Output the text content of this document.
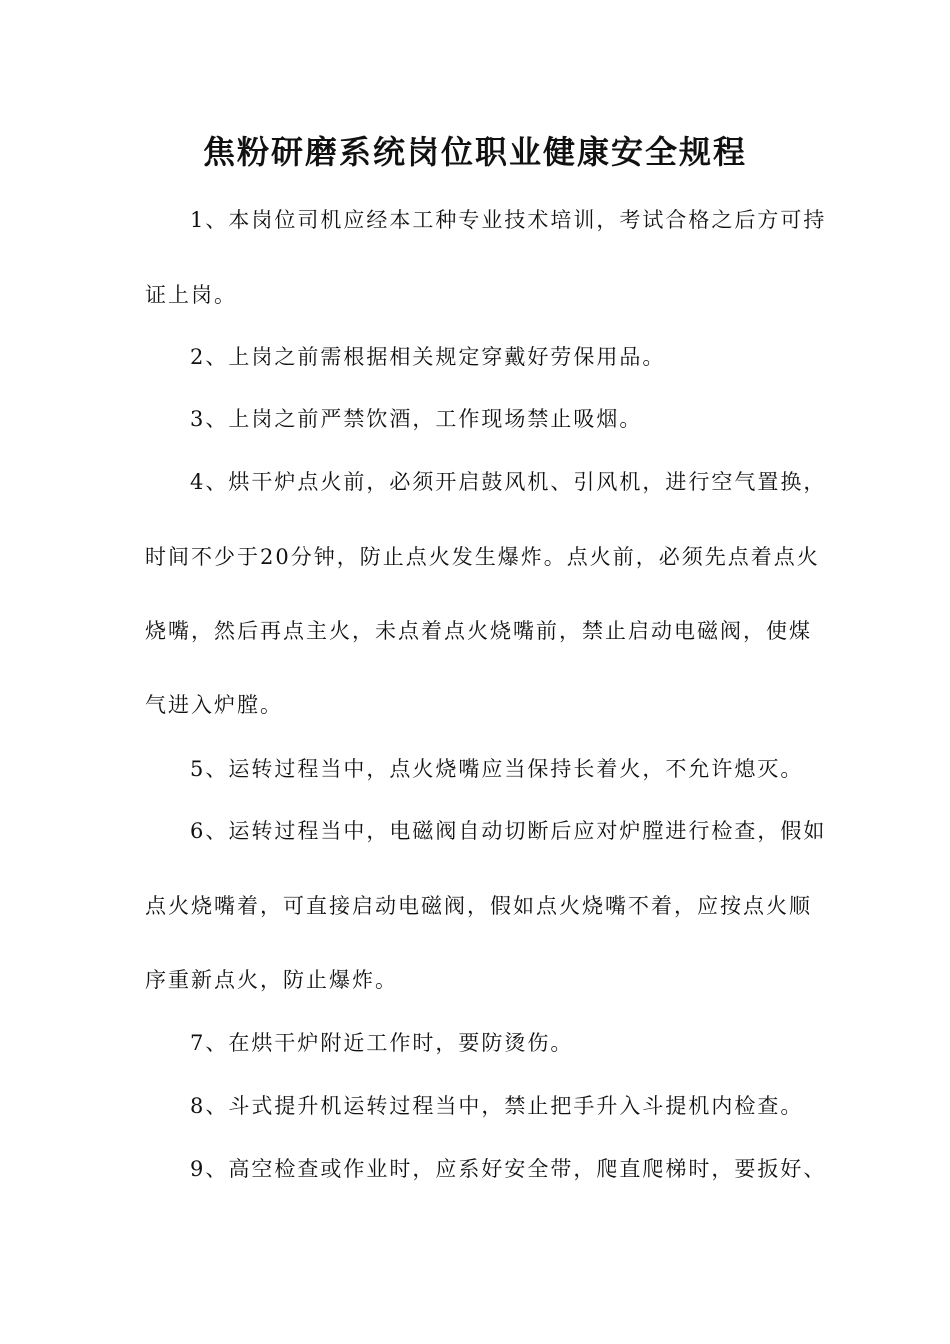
焦粉研磨系统岗位职业健康安全规程
1、本岗位司机应经本工种专业技术培训，考试合格之后方可持
证上岗。
2、上岗之前需根据相关规定穿戴好劳保用品。
3、上岗之前严禁饮酒，工作现场禁止吸烟。
4、烘干炉点火前，必须开启鼓风机、引风机，进行空气置换，
时间不少于20分钟，防止点火发生爆炸。点火前，必须先点着点火
烧嘴，然后再点主火，未点着点火烧嘴前，禁止启动电磁阀，使煤
气进入炉膛。
5、运转过程当中，点火烧嘴应当保持长着火，不允许熄灭。
6、运转过程当中，电磁阀自动切断后应对炉膛进行检查，假如
点火烧嘴着，可直接启动电磁阀，假如点火烧嘴不着，应按点火顺
序重新点火，防止爆炸。
7、在烘干炉附近工作时，要防烫伤。
8、斗式提升机运转过程当中，禁止把手升入斗提机内检查。
9、高空检查或作业时，应系好安全带，爬直爬梯时，要扳好、
